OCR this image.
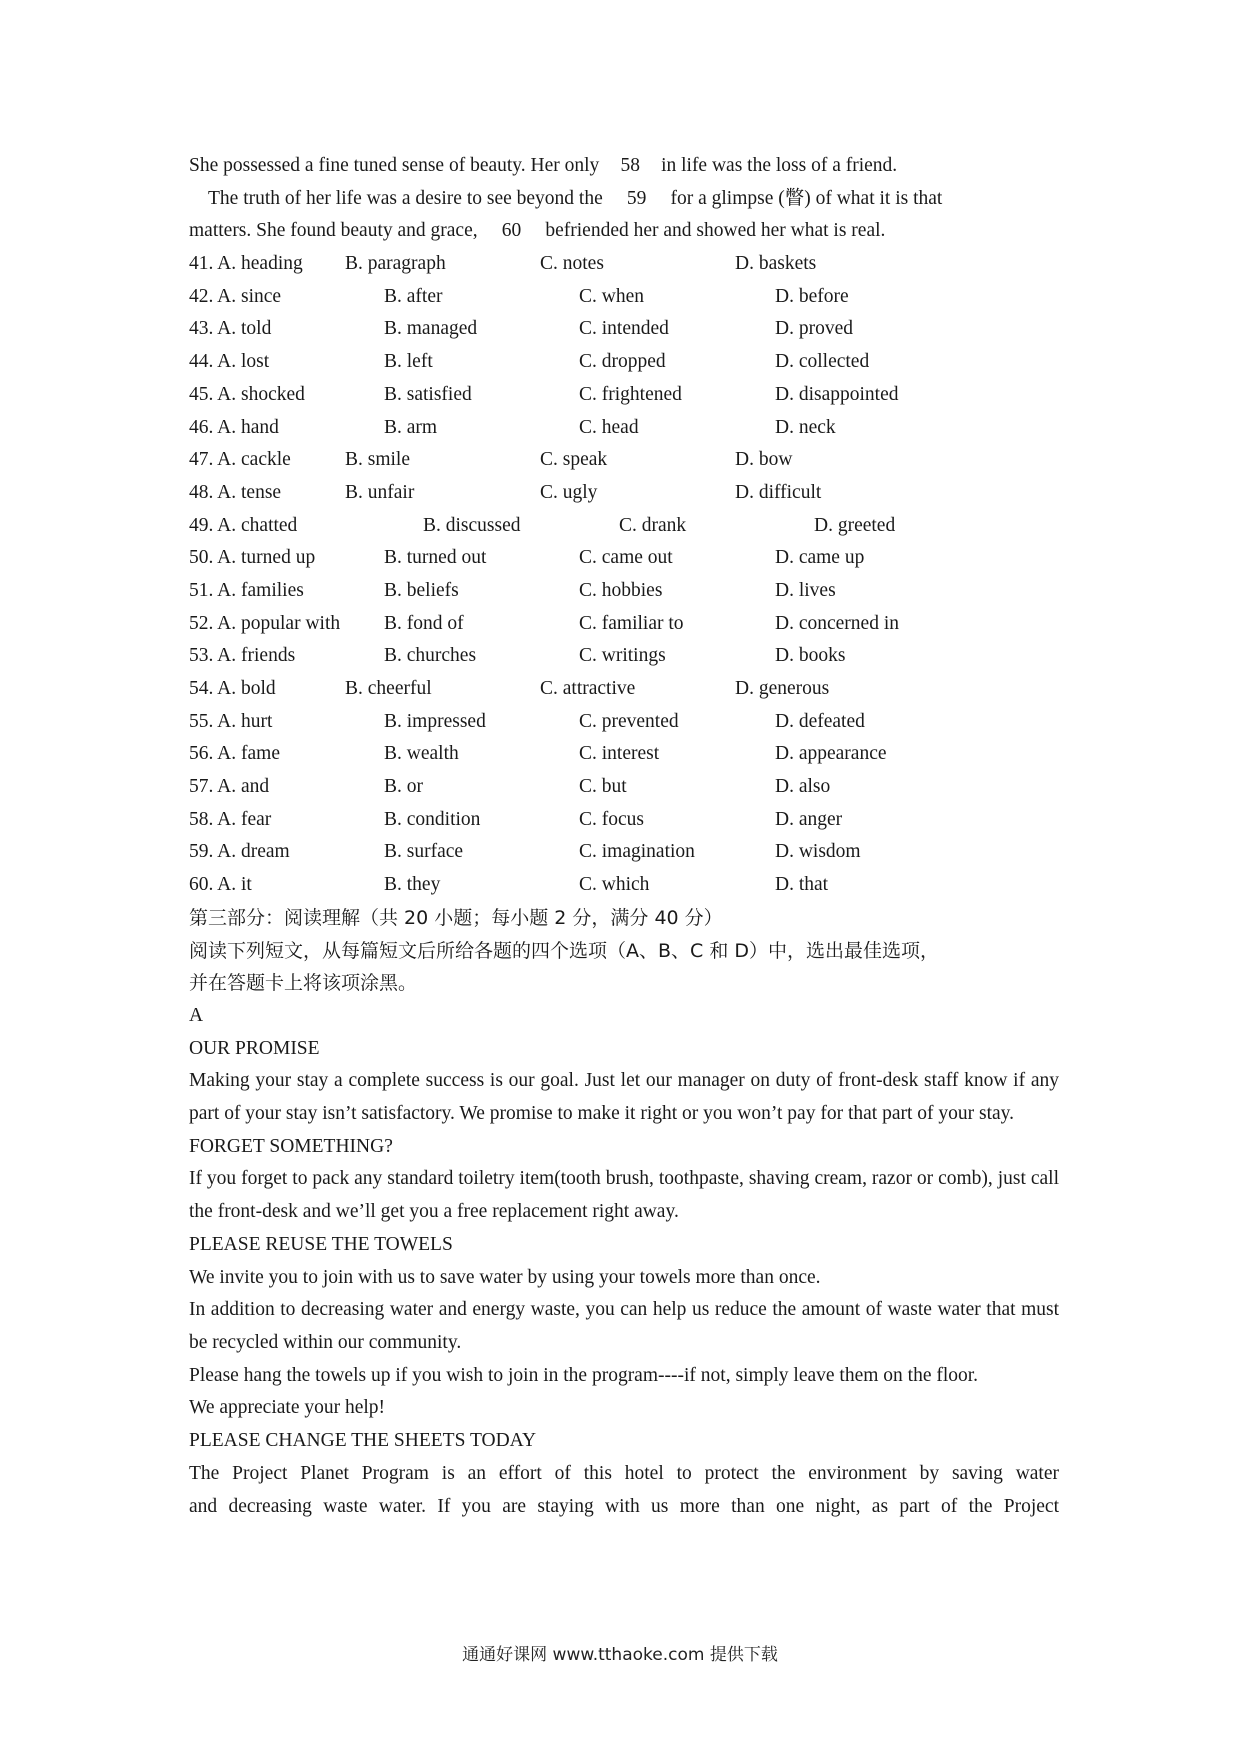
She possessed a fine tuned sense of beauty. Her only 58 in life was the loss of a friend.
The truth of her life was a desire to see beyond the 59 for a glimpse (瞥) of what it is that
matters. She found beauty and grace, 60 befriended her and showed her what is real.
41. A. heading B. paragraph	C. notes	D. baskets
42. A. since	B. after	C. when	D. before
43. A. told	B. managed	C. intended	D. proved
44. A. lost	B. left	C. dropped	D. collected
45. A. shocked	B. satisfied	C. frightened	D. disappointed
46. A. hand	B. arm	C. head	D. neck
47. A. cackle	B. smile	C. speak	D. bow
48. A. tense	B. unfair	C. ugly	D. difficult
49. A. chatted	B. discussed	C. drank	D. greeted
50. A. turned up	B. turned out	C. came out	D. came up
51. A. families	B. beliefs	C. hobbies	D. lives
52. A. popular with B. fond of	C. familiar to	D. concerned in
53. A. friends	B. churches	C. writings	D. books
54. A. bold	B. cheerful	C. attractive	D. generous
55. A. hurt	B. impressed	C. prevented	D. defeated
56. A. fame	B. wealth	C. interest	D. appearance
57. A. and	B. or	C. but	D. also
58. A. fear	B. condition	C. focus	D. anger
59. A. dream	B. surface	C. imagination	D. wisdom
60. A. it	B. they	C. which	D. that
第三部分：阅读理解（共 20 小题；每小题 2 分，满分 40 分）
阅读下列短文，从每篇短文后所给各题的四个选项（A、B、C 和 D）中，选出最佳选项，
并在答题卡上将该项涂黑。
A
OUR PROMISE
Making your stay a complete success is our goal. Just let our manager on duty of front-desk staff know if any part of your stay isn’t satisfactory. We promise to make it right or you won’t pay for that part of your stay.
FORGET SOMETHING?
If you forget to pack any standard toiletry item(tooth brush, toothpaste, shaving cream, razor or comb), just call the front-desk and we’ll get you a free replacement right away.
PLEASE REUSE THE TOWELS
We invite you to join with us to save water by using your towels more than once.
In addition to decreasing water and energy waste, you can help us reduce the amount of waste water that must be recycled within our community.
Please hang the towels up if you wish to join in the program----if not, simply leave them on the floor.
We appreciate your help!
PLEASE CHANGE THE SHEETS TODAY
The Project Planet Program is an effort of this hotel to protect the environment by saving water
and decreasing waste water. If you are staying with us more than one night, as part of the Project
通通好课网 www.tthaoke.com 提供下载
